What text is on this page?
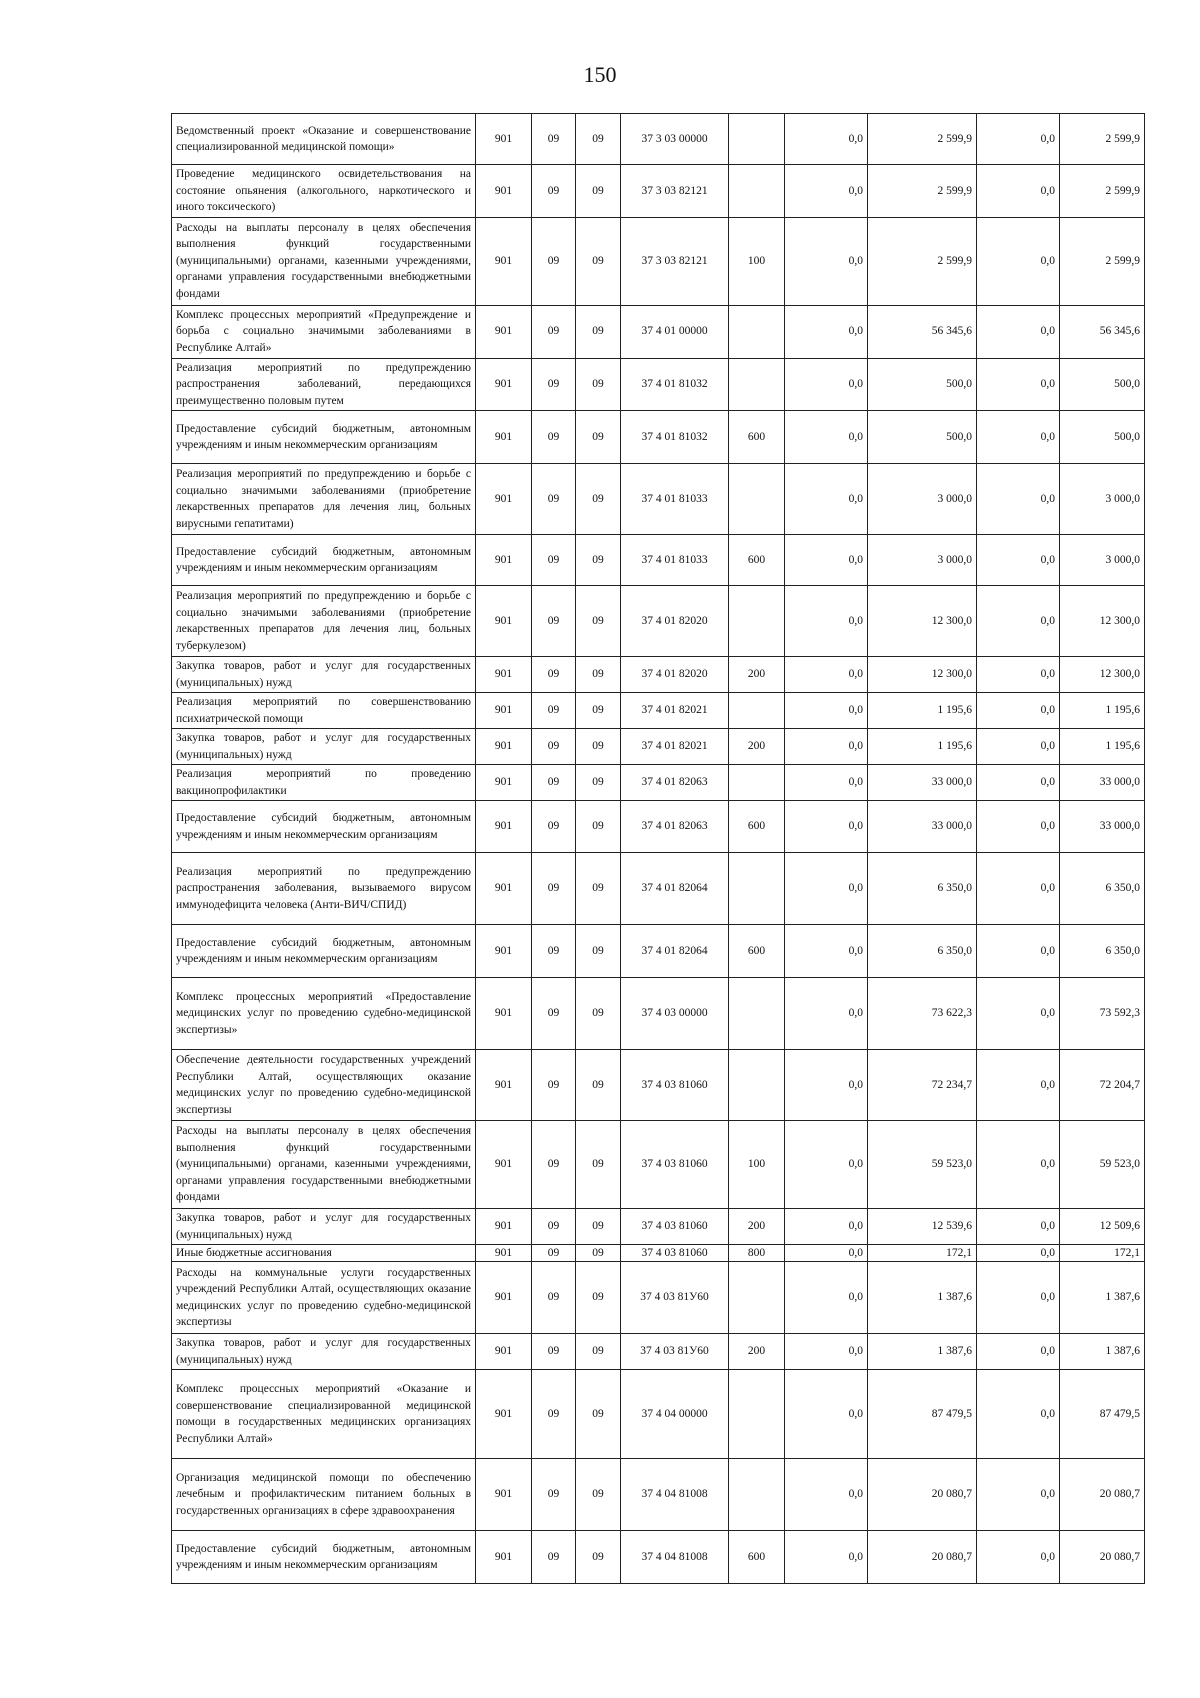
150
Ведомственный проект «Оказание и совершенствование специализированной медицинской помощи»	901	09	09	37 3 03 00000		0,0	2 599,9	0,0	2 599,9
Проведение медицинского освидетельствования на состояние опьянения (алкогольного, наркотического и иного токсического)	901	09	09	37 3 03 82121		0,0	2 599,9	0,0	2 599,9
Расходы на выплаты персоналу в целях обеспечения выполнения функций государственными (муниципальными) органами, казенными учреждениями, органами управления государственными внебюджетными фондами	901	09	09	37 3 03 82121	100	0,0	2 599,9	0,0	2 599,9
Комплекс процессных мероприятий «Предупреждение и борьба с социально значимыми заболеваниями в Республике Алтай»	901	09	09	37 4 01 00000		0,0	56 345,6	0,0	56 345,6
Реализация мероприятий по предупреждению распространения заболеваний, передающихся преимущественно половым путем	901	09	09	37 4 01 81032		0,0	500,0	0,0	500,0
Предоставление субсидий бюджетным, автономным учреждениям и иным некоммерческим организациям	901	09	09	37 4 01 81032	600	0,0	500,0	0,0	500,0
Реализация мероприятий по предупреждению и борьбе с социально значимыми заболеваниями (приобретение лекарственных препаратов для лечения лиц, больных вирусными гепатитами)	901	09	09	37 4 01 81033		0,0	3 000,0	0,0	3 000,0
Предоставление субсидий бюджетным, автономным учреждениям и иным некоммерческим организациям	901	09	09	37 4 01 81033	600	0,0	3 000,0	0,0	3 000,0
Реализация мероприятий по предупреждению и борьбе с социально значимыми заболеваниями (приобретение лекарственных препаратов для лечения лиц, больных туберкулезом)	901	09	09	37 4 01 82020		0,0	12 300,0	0,0	12 300,0
Закупка товаров, работ и услуг для государственных (муниципальных) нужд	901	09	09	37 4 01 82020	200	0,0	12 300,0	0,0	12 300,0
Реализация мероприятий по совершенствованию психиатрической помощи	901	09	09	37 4 01 82021		0,0	1 195,6	0,0	1 195,6
Закупка товаров, работ и услуг для государственных (муниципальных) нужд	901	09	09	37 4 01 82021	200	0,0	1 195,6	0,0	1 195,6
Реализация мероприятий по проведению вакцинопрофилактики	901	09	09	37 4 01 82063		0,0	33 000,0	0,0	33 000,0
Предоставление субсидий бюджетным, автономным учреждениям и иным некоммерческим организациям	901	09	09	37 4 01 82063	600	0,0	33 000,0	0,0	33 000,0
Реализация мероприятий по предупреждению распространения заболевания, вызываемого вирусом иммунодефицита человека (Анти-ВИЧ/СПИД)	901	09	09	37 4 01 82064		0,0	6 350,0	0,0	6 350,0
Предоставление субсидий бюджетным, автономным учреждениям и иным некоммерческим организациям	901	09	09	37 4 01 82064	600	0,0	6 350,0	0,0	6 350,0
Комплекс процессных мероприятий «Предоставление медицинских услуг по проведению судебно-медицинской экспертизы»	901	09	09	37 4 03 00000		0,0	73 622,3	0,0	73 592,3
Обеспечение деятельности государственных учреждений Республики Алтай, осуществляющих оказание медицинских услуг по проведению судебно-медицинской экспертизы	901	09	09	37 4 03 81060		0,0	72 234,7	0,0	72 204,7
Расходы на выплаты персоналу в целях обеспечения выполнения функций государственными (муниципальными) органами, казенными учреждениями, органами управления государственными внебюджетными фондами	901	09	09	37 4 03 81060	100	0,0	59 523,0	0,0	59 523,0
Закупка товаров, работ и услуг для государственных (муниципальных) нужд	901	09	09	37 4 03 81060	200	0,0	12 539,6	0,0	12 509,6
Иные бюджетные ассигнования	901	09	09	37 4 03 81060	800	0,0	172,1	0,0	172,1
Расходы на коммунальные услуги государственных учреждений Республики Алтай, осуществляющих оказание медицинских услуг по проведению судебно-медицинской экспертизы	901	09	09	37 4 03 81У60		0,0	1 387,6	0,0	1 387,6
Закупка товаров, работ и услуг для государственных (муниципальных) нужд	901	09	09	37 4 03 81У60	200	0,0	1 387,6	0,0	1 387,6
Комплекс процессных мероприятий «Оказание и совершенствование специализированной медицинской помощи в государственных медицинских организациях Республики Алтай»	901	09	09	37 4 04 00000		0,0	87 479,5	0,0	87 479,5
Организация медицинской помощи по обеспечению лечебным и профилактическим питанием больных в государственных организациях в сфере здравоохранения	901	09	09	37 4 04 81008		0,0	20 080,7	0,0	20 080,7
Предоставление субсидий бюджетным, автономным учреждениям и иным некоммерческим организациям	901	09	09	37 4 04 81008	600	0,0	20 080,7	0,0	20 080,7
